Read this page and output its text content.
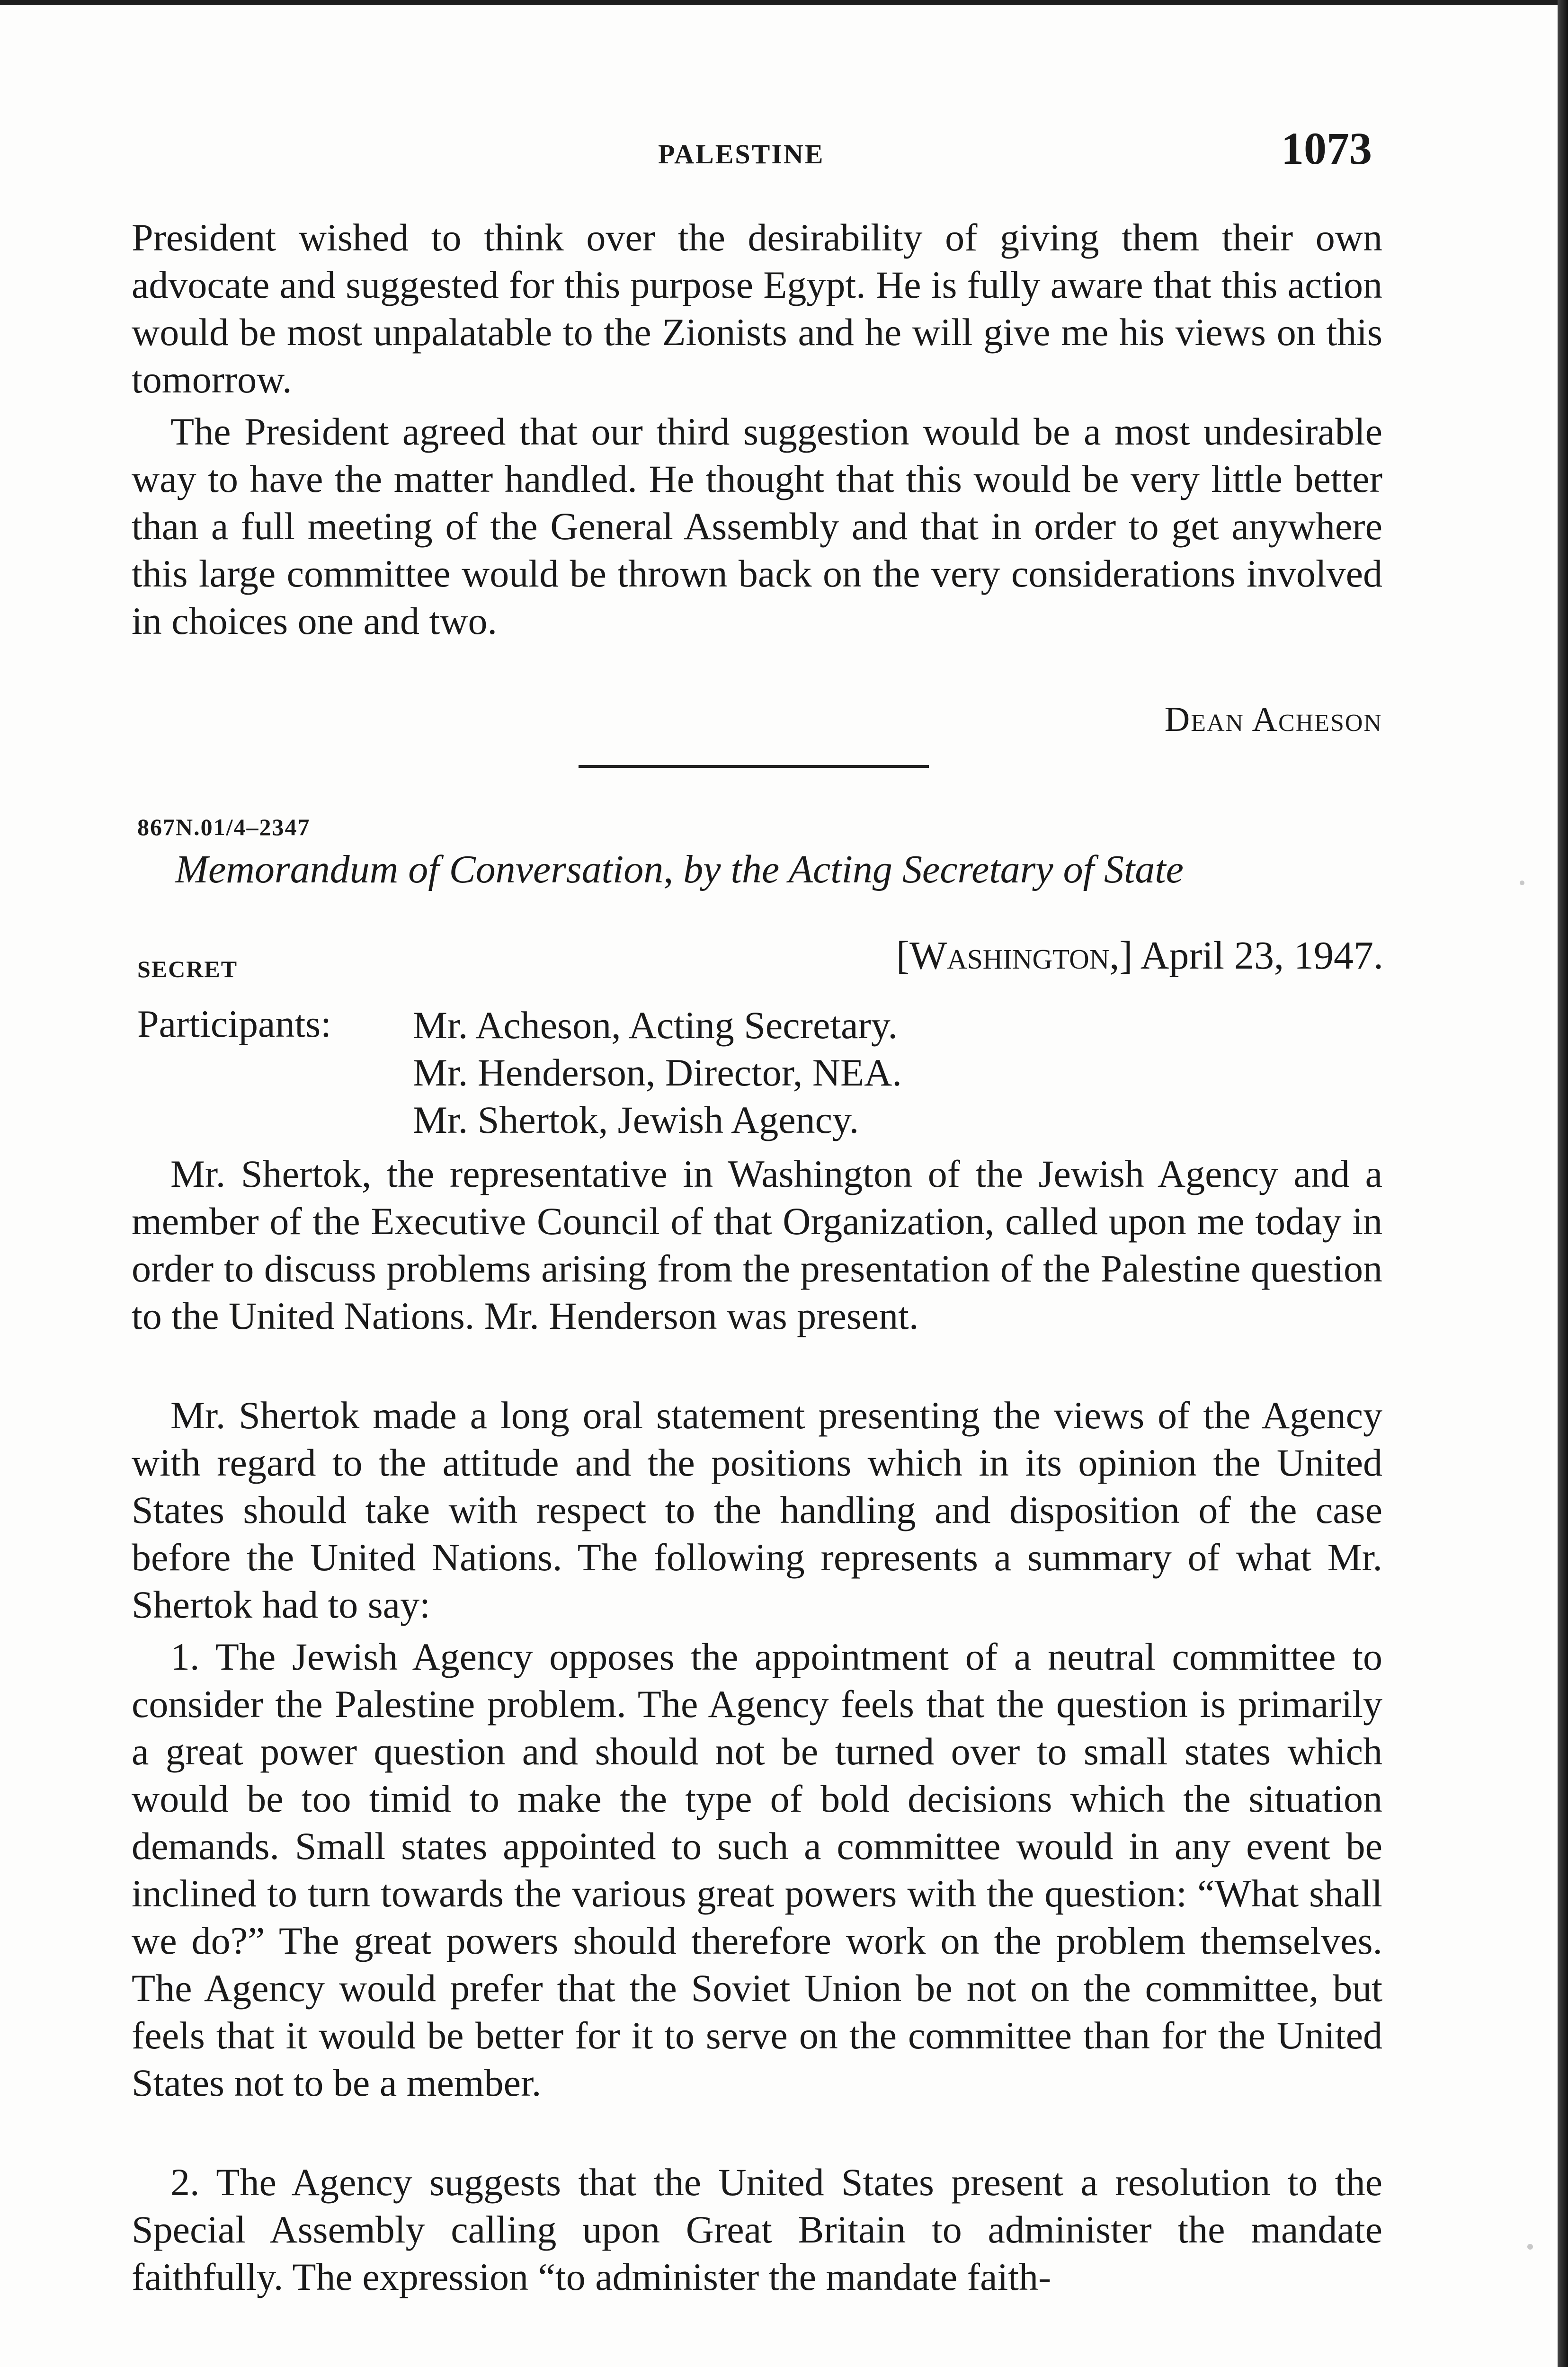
PALESTINE	1073
President wished to think over the desirability of giving them their own advocate and suggested for this purpose Egypt. He is fully aware that this action would be most unpalatable to the Zionists and he will give me his views on this tomorrow.
The President agreed that our third suggestion would be a most undesirable way to have the matter handled. He thought that this would be very little better than a full meeting of the General Assembly and that in order to get anywhere this large committee would be thrown back on the very considerations involved in choices one and two.
Dean Acheson
867N.01/4–2347
Memorandum of Conversation, by the Acting Secretary of State
SECRET	[Washington,] April 23, 1947.
Participants: Mr. Acheson, Acting Secretary.
Mr. Henderson, Director, NEA.
Mr. Shertok, Jewish Agency.
Mr. Shertok, the representative in Washington of the Jewish Agency and a member of the Executive Council of that Organization, called upon me today in order to discuss problems arising from the presentation of the Palestine question to the United Nations. Mr. Henderson was present.
Mr. Shertok made a long oral statement presenting the views of the Agency with regard to the attitude and the positions which in its opinion the United States should take with respect to the handling and disposition of the case before the United Nations. The following represents a summary of what Mr. Shertok had to say:
1. The Jewish Agency opposes the appointment of a neutral committee to consider the Palestine problem. The Agency feels that the question is primarily a great power question and should not be turned over to small states which would be too timid to make the type of bold decisions which the situation demands. Small states appointed to such a committee would in any event be inclined to turn towards the various great powers with the question: “What shall we do?” The great powers should therefore work on the problem themselves. The Agency would prefer that the Soviet Union be not on the committee, but feels that it would be better for it to serve on the committee than for the United States not to be a member.
2. The Agency suggests that the United States present a resolution to the Special Assembly calling upon Great Britain to administer the mandate faithfully. The expression “to administer the mandate faith-
